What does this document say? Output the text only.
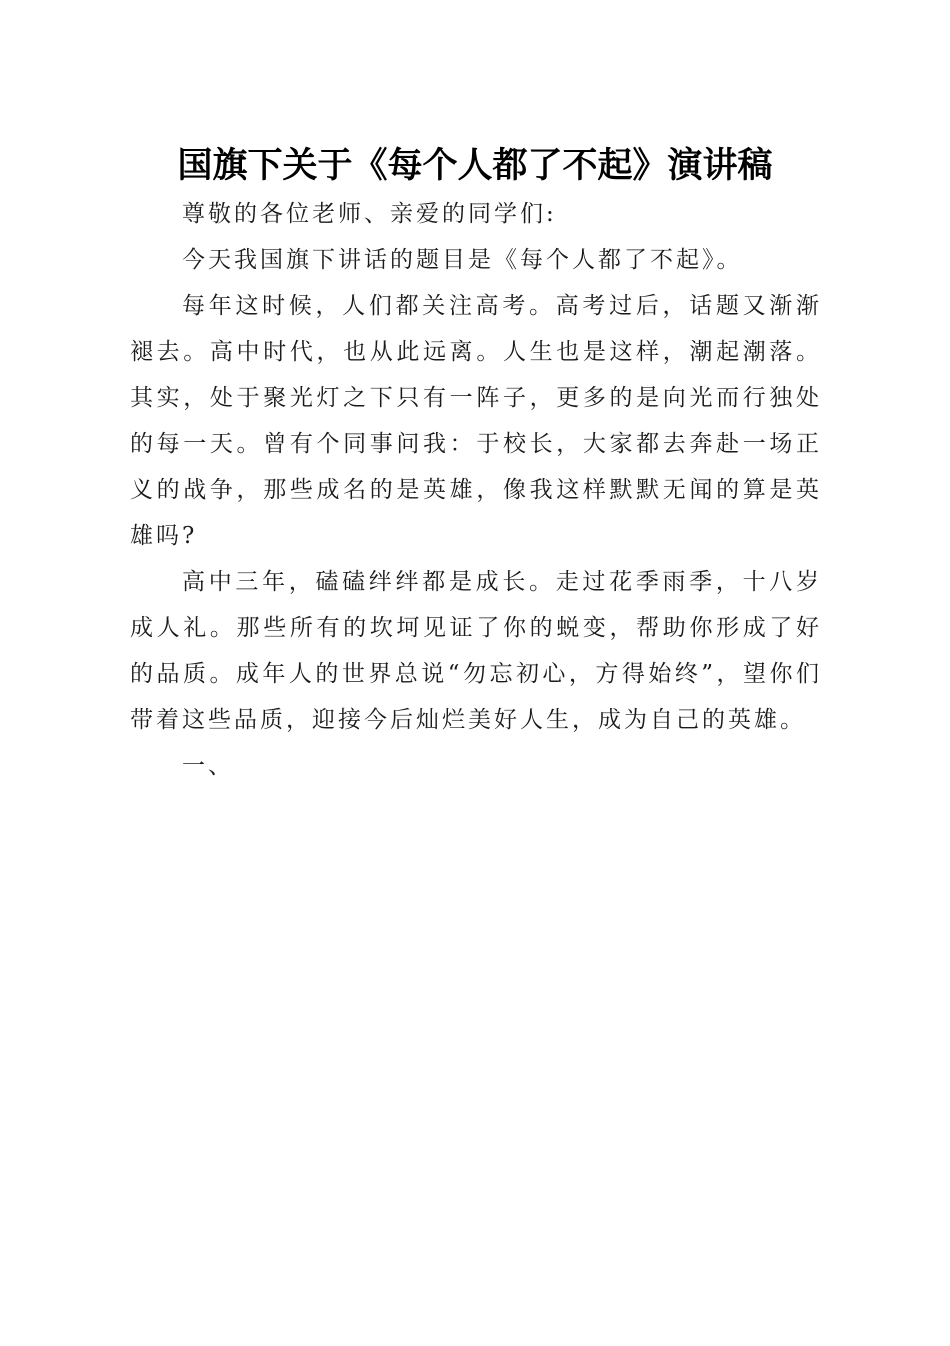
国旗下关于《每个人都了不起》演讲稿

尊敬的各位老师、亲爱的同学们:

今天我国旗下讲话的题目是《每个人都了不起》。

每年这时候，人们都关注高考。高考过后，话题又渐渐褪去。高中时代，也从此远离。人生也是这样，潮起潮落。其实，处于聚光灯之下只有一阵子，更多的是向光而行独处的每一天。曾有个同事问我：于校长，大家都去奔赴一场正义的战争，那些成名的是英雄，像我这样默默无闻的算是英雄吗?

高中三年，磕磕绊绊都是成长。走过花季雨季，十八岁成人礼。那些所有的坎坷见证了你的蜕变，帮助你形成了好的品质。成年人的世界总说“勿忘初心，方得始终”，望你们带着这些品质，迎接今后灿烂美好人生，成为自己的英雄。

一、
